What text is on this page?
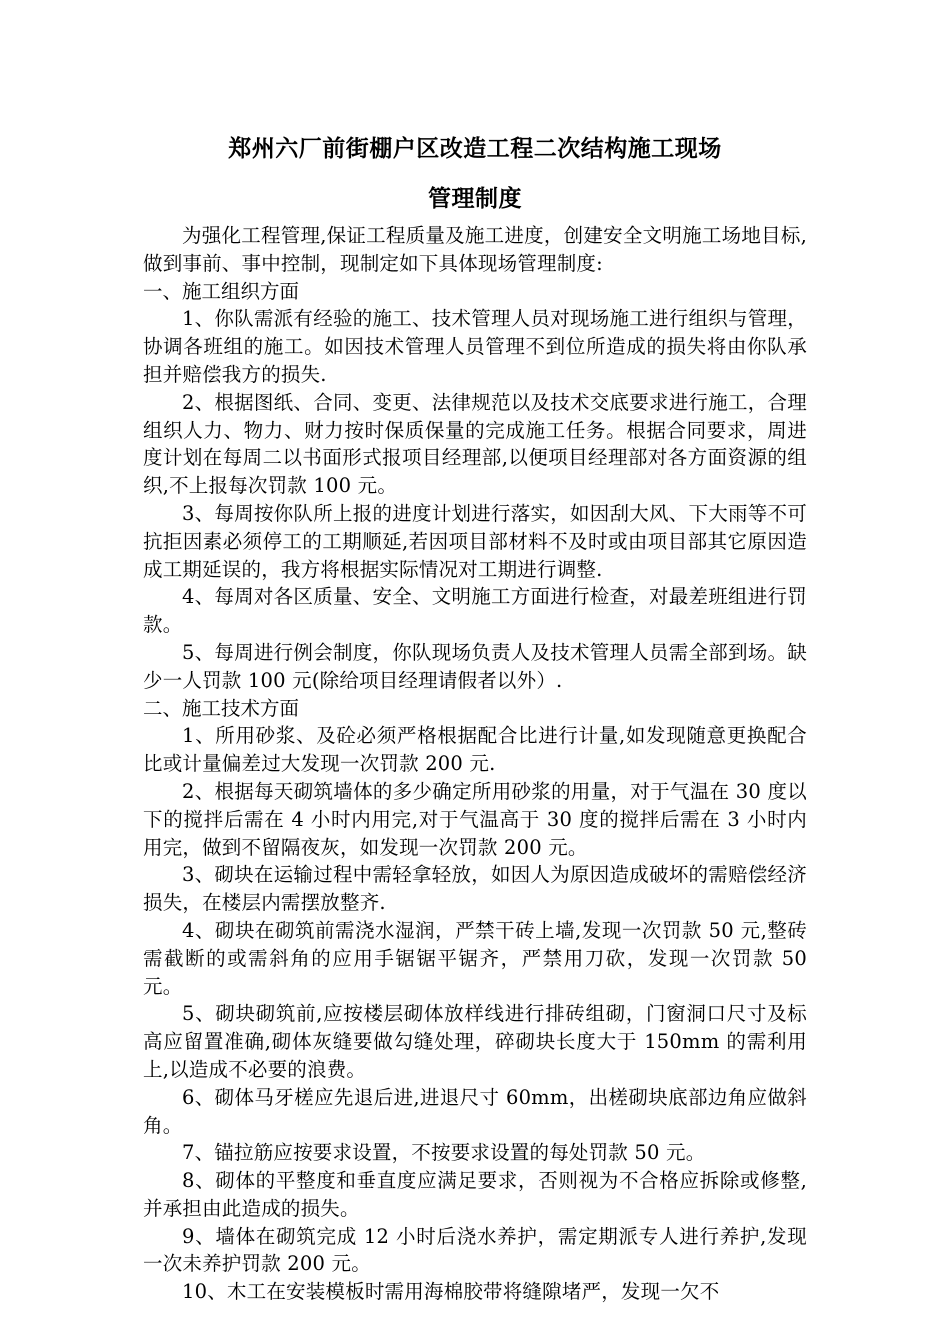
郑州六厂前街棚户区改造工程二次结构施工现场
管理制度

为强化工程管理,保证工程质量及施工进度，创建安全文明施工场地目标,做到事前、事中控制，现制定如下具体现场管理制度:

一、施工组织方面

1、你队需派有经验的施工、技术管理人员对现场施工进行组织与管理，协调各班组的施工。如因技术管理人员管理不到位所造成的损失将由你队承担并赔偿我方的损失.

2、根据图纸、合同、变更、法律规范以及技术交底要求进行施工，合理组织人力、物力、财力按时保质保量的完成施工任务。根据合同要求，周进度计划在每周二以书面形式报项目经理部,以便项目经理部对各方面资源的组织,不上报每次罚款 100 元。

3、每周按你队所上报的进度计划进行落实，如因刮大风、下大雨等不可抗拒因素必须停工的工期顺延,若因项目部材料不及时或由项目部其它原因造成工期延误的，我方将根据实际情况对工期进行调整.

4、每周对各区质量、安全、文明施工方面进行检查，对最差班组进行罚款。

5、每周进行例会制度，你队现场负责人及技术管理人员需全部到场。缺少一人罚款 100 元(除给项目经理请假者以外）.

二、施工技术方面

1、所用砂浆、及砼必须严格根据配合比进行计量,如发现随意更换配合比或计量偏差过大发现一次罚款 200 元.

2、根据每天砌筑墙体的多少确定所用砂浆的用量，对于气温在 30 度以下的搅拌后需在 4 小时内用完,对于气温高于 30 度的搅拌后需在 3 小时内用完，做到不留隔夜灰，如发现一次罚款 200 元。

3、砌块在运输过程中需轻拿轻放，如因人为原因造成破坏的需赔偿经济损失，在楼层内需摆放整齐.

4、砌块在砌筑前需浇水湿润，严禁干砖上墙,发现一次罚款 50 元,整砖需截断的或需斜角的应用手锯锯平锯齐，严禁用刀砍，发现一次罚款 50 元。

5、砌块砌筑前,应按楼层砌体放样线进行排砖组砌，门窗洞口尺寸及标高应留置准确,砌体灰缝要做勾缝处理，碎砌块长度大于 150mm 的需利用上,以造成不必要的浪费。

6、砌体马牙槎应先退后进,进退尺寸 60mm，出槎砌块底部边角应做斜角。

7、锚拉筋应按要求设置，不按要求设置的每处罚款 50 元。

8、砌体的平整度和垂直度应满足要求，否则视为不合格应拆除或修整,并承担由此造成的损失。

9、墙体在砌筑完成 12 小时后浇水养护，需定期派专人进行养护,发现一次未养护罚款 200 元。

10、木工在安装模板时需用海棉胶带将缝隙堵严，发现一欠不
